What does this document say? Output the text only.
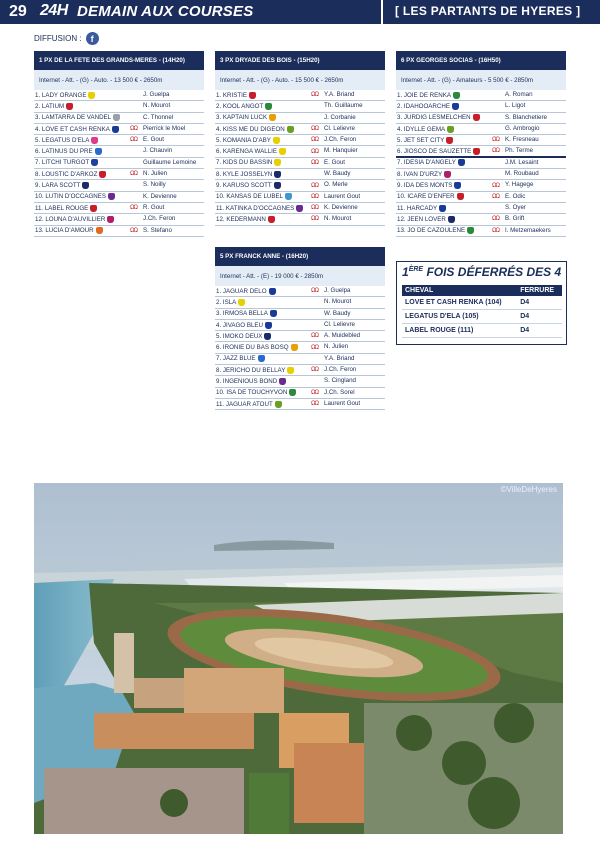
29 24H DEMAIN AUX COURSES	[ LES PARTANTS DE HYERES ]
DIFFUSION :	f
1 PX DE LA FETE DES GRANDS-MERES - (14H20)
Internet - Att. - (G) - Auto. - 13 500 € - 2650m
1. LADY ORANGE	J. Guelpa
2. LATIUM	N. Mourot
3. LAMTARRA DE VANDEL	C. Thonnel
4. LOVE ET CASH RENKA	ΩΩ Pierrick le Moel
5. LEGATUS D'ELA	ΩΩ E. Gout
6. LATINUS DU PRE	J. Chauvin
7. LITCHI TURGOT	Guillaume Lemoine
8. LOUSTIC D'ARKOZ	ΩΩ N. Julien
9. LARA SCOTT	S. Noilly
10. LUTIN D'OCCAGNES	K. Devienne
11. LABEL ROUGE	ΩΩ R. Gout
12. LOUNA D'AUVILLIER	J.Ch. Feron
13. LUCIA D'AMOUR	ΩΩ S. Stefano
3 PX DRYADE DES BOIS - (15H20)
Internet - Att. - (G) - Auto. - 15 500 € - 2650m
1. KRISTIE	ΩΩ Y.A. Briand
2. KOOL ANGOT	Th. Guillaume
3. KAPTAIN LUCK	J. Corbanie
4. KISS ME DU DIGEON	ΩΩ Cl. Lelievre
5. KOMANIA D'ABY	ΩΩ J.Ch. Feron
6. KARENGA WALLIE	ΩΩ M. Hanquier
7. KIDS DU BASSIN	ΩΩ E. Gout
8. KYLE JOSSELYN	W. Baudy
9. KARUSO SCOTT	ΩΩ O. Merle
10. KANSAS DE LUBEL	ΩΩ Laurent Gout
11. KATINKA D'OCCAGNES	ΩΩ K. Devienne
12. KEDERMANN	ΩΩ N. Mourot
6 PX GEORGES SOCIAS - (16H50)
Internet - Att. - (G) - Amateurs - 5 500 € - 2850m
1. JOIE DE RENKA	A. Roman
2. IDAHOOARCHE	L. Ligot
3. JURDIG LESMELCHEN	S. Blanchetiere
4. IDYLLE GEMA	G. Ambrogio
5. JET SET CITY	ΩΩ K. Fresneau
6. JIOSCO DE SAUZETTE	ΩΩ Ph. Terme
7. IDESIA D'ANGELY	J.M. Lesaint
8. IVAN D'URZY	M. Roubaud
9. IDA DES MONTS	ΩΩ Y. Hagege
10. ICARE D'ENFER	ΩΩ E. Odic
11. HARCADY	S. Oyer
12. JEEN LOVER	ΩΩ B. Grift
13. JO DE CAZOULENE	ΩΩ I. Metzemaekers
5 PX FRANCK ANNE - (16H20)
Internet - Att. - (E) - 19 000 € - 2850m
1. JAGUAR DELO	ΩΩ J. Guelpa
2. ISLA	N. Mourot
3. IRMOSA BELLA	W. Baudy
4. JIVAGO BLEU	Cl. Lelievre
5. IMOKO DEUX	ΩΩ A. Muidebled
6. IRONIE DU BAS BOSQ	ΩΩ N. Julien
7. JAZZ BLUE	Y.A. Briand
8. JERICHO DU BELLAY	ΩΩ J.Ch. Feron
9. INGENIOUS BOND	S. Cingland
10. ISA DE TOUCHYVON	ΩΩ J.Ch. Sorel
11. JAGUAR ATOUT	ΩΩ Laurent Gout
1ÈRE FOIS DÉFERRÉS DES 4
CHEVAL	FERRURE
LOVE ET CASH RENKA (104)	D4
LEGATUS D'ELA (105)	D4
LABEL ROUGE (111)	D4
©VilleDeHyeres
